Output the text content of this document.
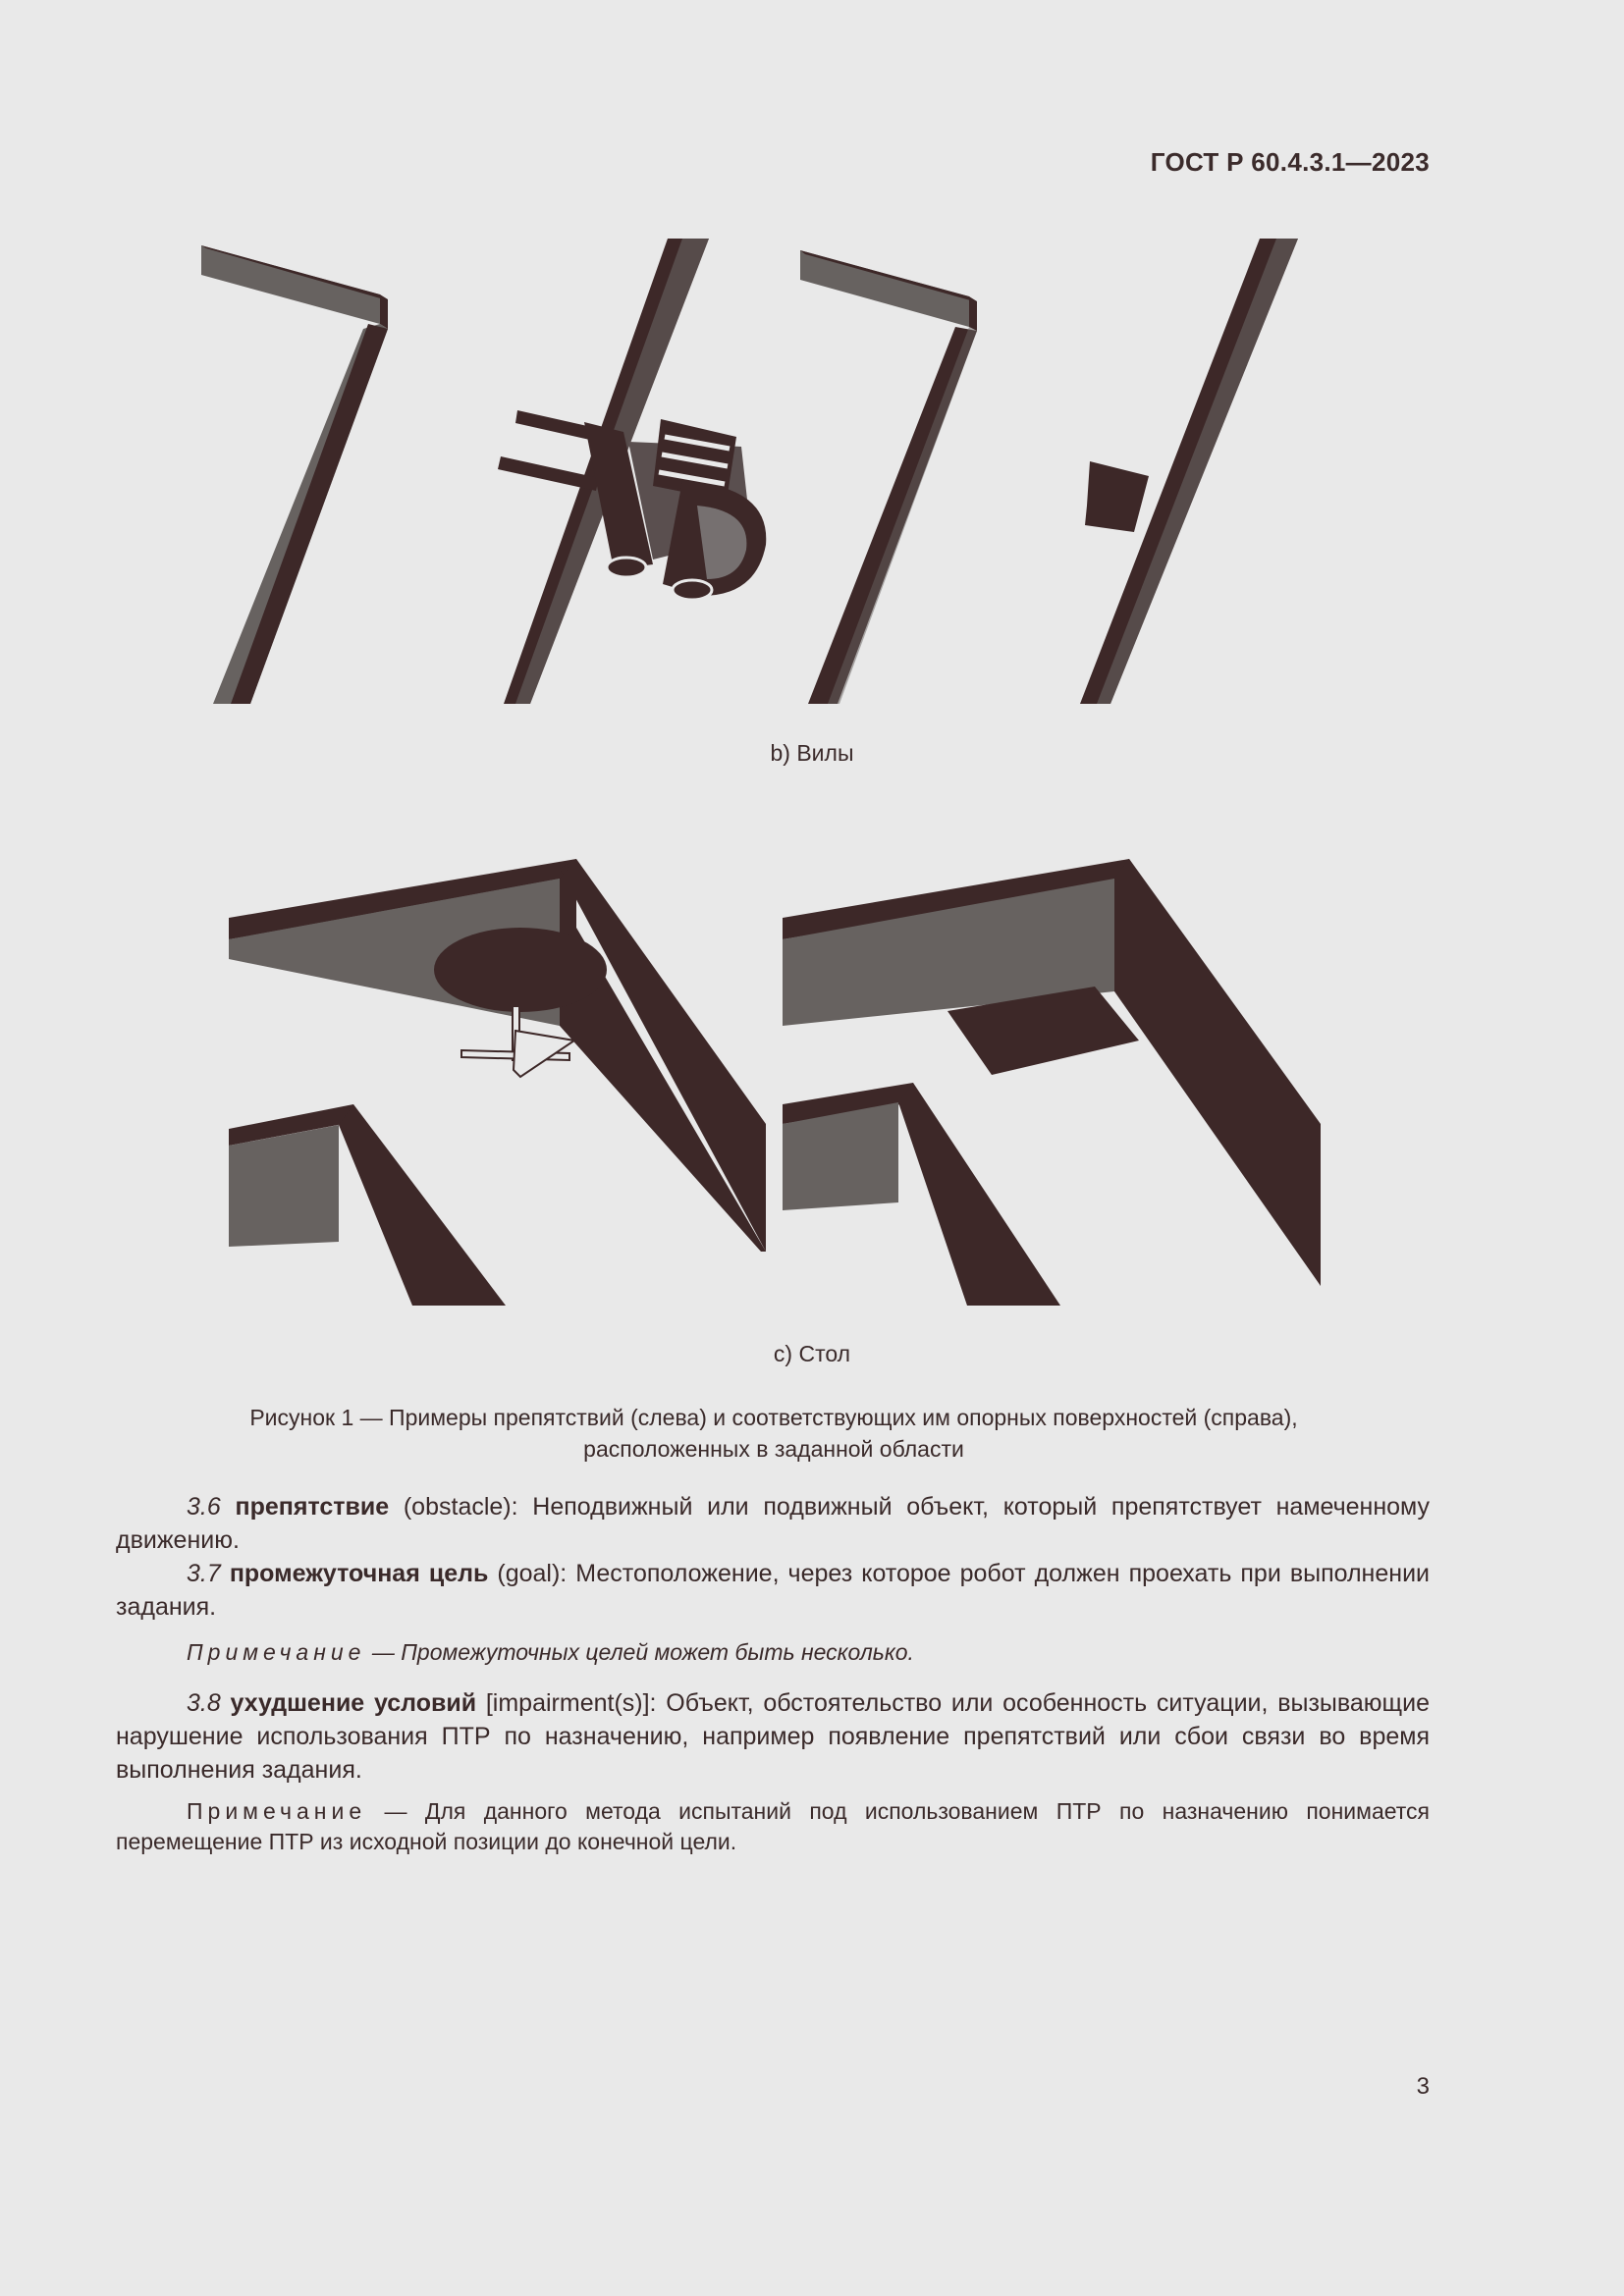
ГОСТ Р 60.4.3.1—2023
b) Вилы
c) Стол
Рисунок 1 — Примеры препятствий (слева) и соответствующих им опорных поверхностей (справа),
расположенных в заданной области
3.6 препятствие (obstacle): Неподвижный или подвижный объект, который препятствует намеченному движению.
3.7 промежуточная цель (goal): Местоположение, через которое робот должен проехать при выполнении задания.
Примечание — Промежуточных целей может быть несколько.
3.8 ухудшение условий [impairment(s)]: Объект, обстоятельство или особенность ситуации, вызывающие нарушение использования ПТР по назначению, например появление препятствий или сбои связи во время выполнения задания.
Примечание — Для данного метода испытаний под использованием ПТР по назначению понимается перемещение ПТР из исходной позиции до конечной цели.
3
